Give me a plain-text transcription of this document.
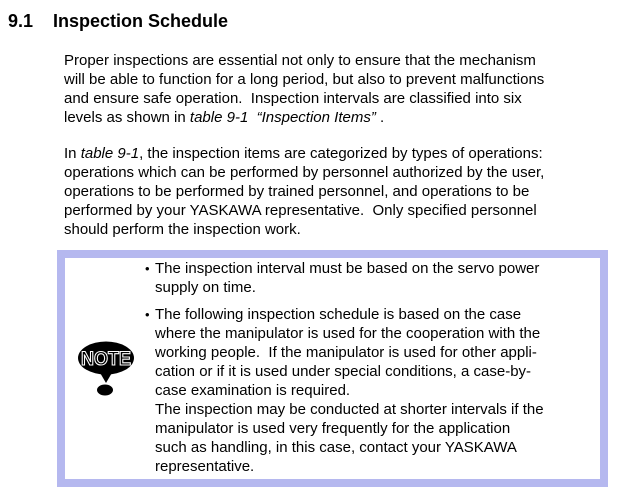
9.1 Inspection Schedule
Proper inspections are essential not only to ensure that the mechanism
will be able to function for a long period, but also to prevent malfunctions
and ensure safe operation.  Inspection intervals are classified into six
levels as shown in table 9-1  “Inspection Items” .
In table 9-1, the inspection items are categorized by types of operations:
operations which can be performed by personnel authorized by the user,
operations to be performed by trained personnel, and operations to be
performed by your YASKAWA representative.  Only specified personnel
should perform the inspection work.
NOTE
• The inspection interval must be based on the servo power
supply on time.
• The following inspection schedule is based on the case
where the manipulator is used for the cooperation with the
working people.  If the manipulator is used for other appli-
cation or if it is used under special conditions, a case-by-
case examination is required.
The inspection may be conducted at shorter intervals if the
manipulator is used very frequently for the application
such as handling, in this case, contact your YASKAWA
representative.
